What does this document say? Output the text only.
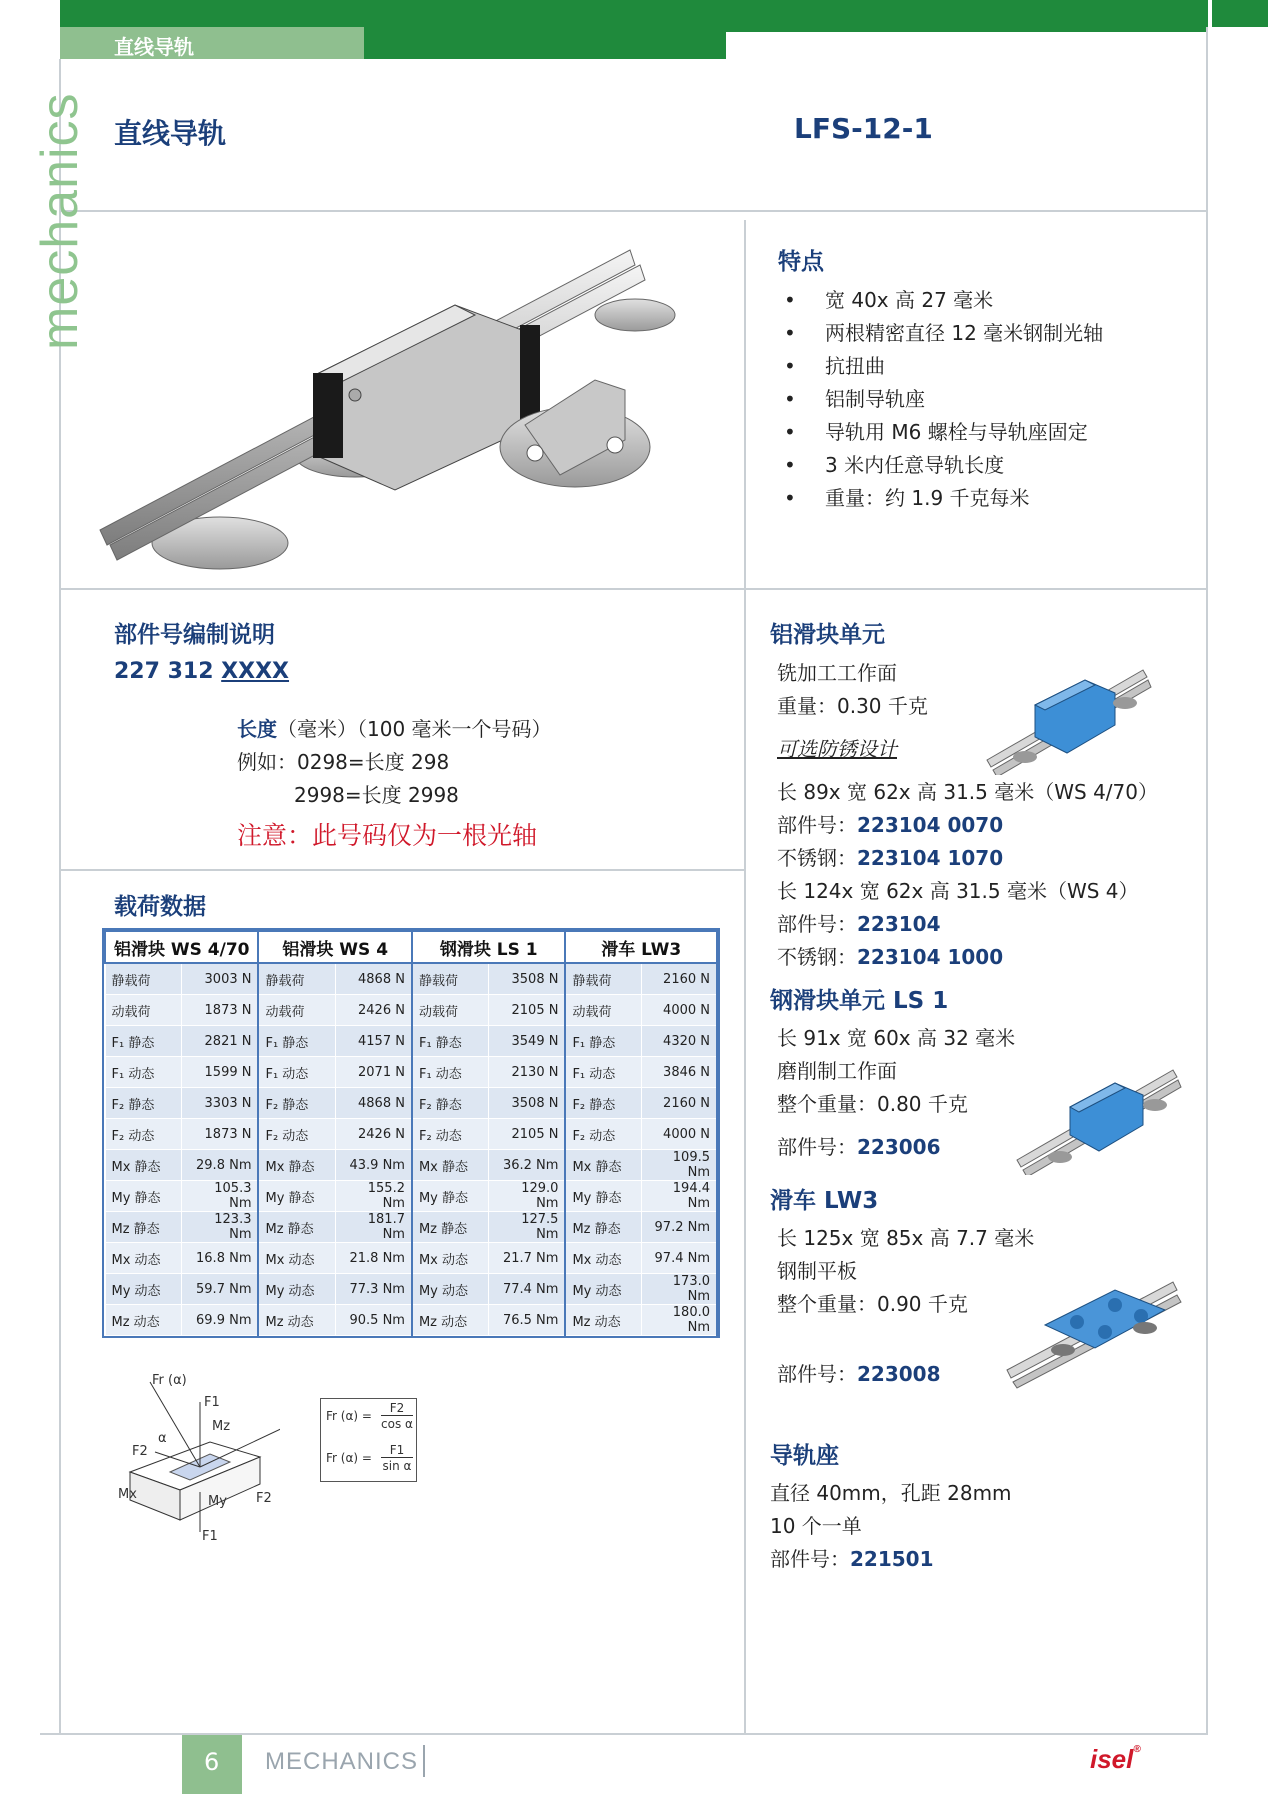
直线导轨
mechanics 直线导轨	LFS-12-1
特点
• 宽 40x 高 27 毫米
• 两根精密直径 12 毫米钢制光轴
• 抗扭曲
• 铝制导轨座
• 导轨用 M6 螺栓与导轨座固定
• 3 米内任意导轨长度
• 重量：约 1.9 千克每米
部件号编制说明
227 312 XXXX
长度（毫米）（100 毫米一个号码）
例如：0298=长度 298
2998=长度 2998
注意：此号码仅为一根光轴
载荷数据
铝滑块 WS 4/70		铝滑块 WS 4		钢滑块 LS 1		滑车 LW3	
静载荷	3003 N	静载荷	4868 N	静载荷	3508 N	静载荷	2160 N
动载荷	1873 N	动载荷	2426 N	动载荷	2105 N	动载荷	4000 N
F₁ 静态	2821 N	F₁ 静态	4157 N	F₁ 静态	3549 N	F₁ 静态	4320 N
F₁ 动态	1599 N	F₁ 动态	2071 N	F₁ 动态	2130 N	F₁ 动态	3846 N
F₂ 静态	3303 N	F₂ 静态	4868 N	F₂ 静态	3508 N	F₂ 静态	2160 N
F₂ 动态	1873 N	F₂ 动态	2426 N	F₂ 动态	2105 N	F₂ 动态	4000 N
Mx 静态	29.8 Nm	Mx 静态	43.9 Nm	Mx 静态	36.2 Nm	Mx 静态	109.5 Nm
My 静态	105.3 Nm	My 静态	155.2 Nm	My 静态	129.0 Nm	My 静态	194.4 Nm
Mz 静态	123.3 Nm	Mz 静态	181.7 Nm	Mz 静态	127.5 Nm	Mz 静态	97.2 Nm
Mx 动态	16.8 Nm	Mx 动态	21.8 Nm	Mx 动态	21.7 Nm	Mx 动态	97.4 Nm
My 动态	59.7 Nm	My 动态	77.3 Nm	My 动态	77.4 Nm	My 动态	173.0 Nm
Mz 动态	69.9 Nm	Mz 动态	90.5 Nm	Mz 动态	76.5 Nm	Mz 动态	180.0 Nm
Fr (α)
F1
Mz
α
F2
Mx	My F2
F1
Fr (α) =
F2
cos α
Fr (α) =
F1
sin α
铝滑块单元
铣加工工作面
重量：0.30 千克
可选防锈设计
长 89x 宽 62x 高 31.5 毫米（WS 4/70）
部件号：223104 0070
不锈钢：223104 1070
长 124x 宽 62x 高 31.5 毫米（WS 4）
部件号：223104
不锈钢：223104 1000
钢滑块单元 LS 1
长 91x 宽 60x 高 32 毫米
磨削制工作面
整个重量：0.80 千克
部件号：223006
滑车 LW3
长 125x 宽 85x 高 7.7 毫米
钢制平板
整个重量：0.90 千克
部件号：223008
导轨座
直径 40mm，孔距 28mm
10 个一单
部件号：221501
6 MECHANICS	isel®
